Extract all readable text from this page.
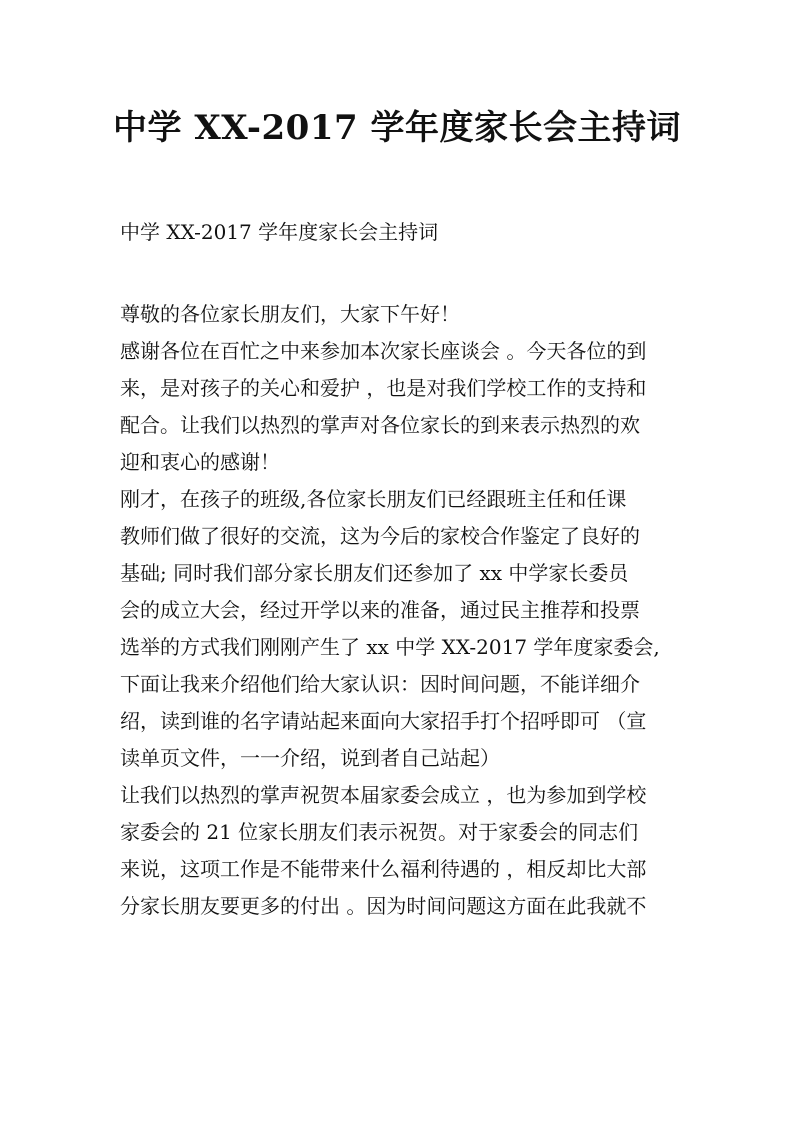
中学 XX-2017 学年度家长会主持词

中学 XX-2017 学年度家长会主持词

尊敬的各位家长朋友们，大家下午好！
感谢各位在百忙之中来参加本次家长座谈会 。今天各位的到
来，是对孩子的关心和爱护 ，也是对我们学校工作的支持和
配合。让我们以热烈的掌声对各位家长的到来表示热烈的欢
迎和衷心的感谢！
刚才，在孩子的班级,各位家长朋友们已经跟班主任和任课
教师们做了很好的交流，这为今后的家校合作鉴定了良好的
基础; 同时我们部分家长朋友们还参加了 xx 中学家长委员
会的成立大会，经过开学以来的准备，通过民主推荐和投票
选举的方式我们刚刚产生了 xx 中学 XX-2017 学年度家委会,
下面让我来介绍他们给大家认识：因时间问题，不能详细介
绍，读到谁的名字请站起来面向大家招手打个招呼即可 （宣
读单页文件，一一介绍，说到者自己站起）
让我们以热烈的掌声祝贺本届家委会成立 ，也为参加到学校
家委会的 21 位家长朋友们表示祝贺。对于家委会的同志们
来说，这项工作是不能带来什么福利待遇的 ，相反却比大部
分家长朋友要更多的付出 。因为时间问题这方面在此我就不
